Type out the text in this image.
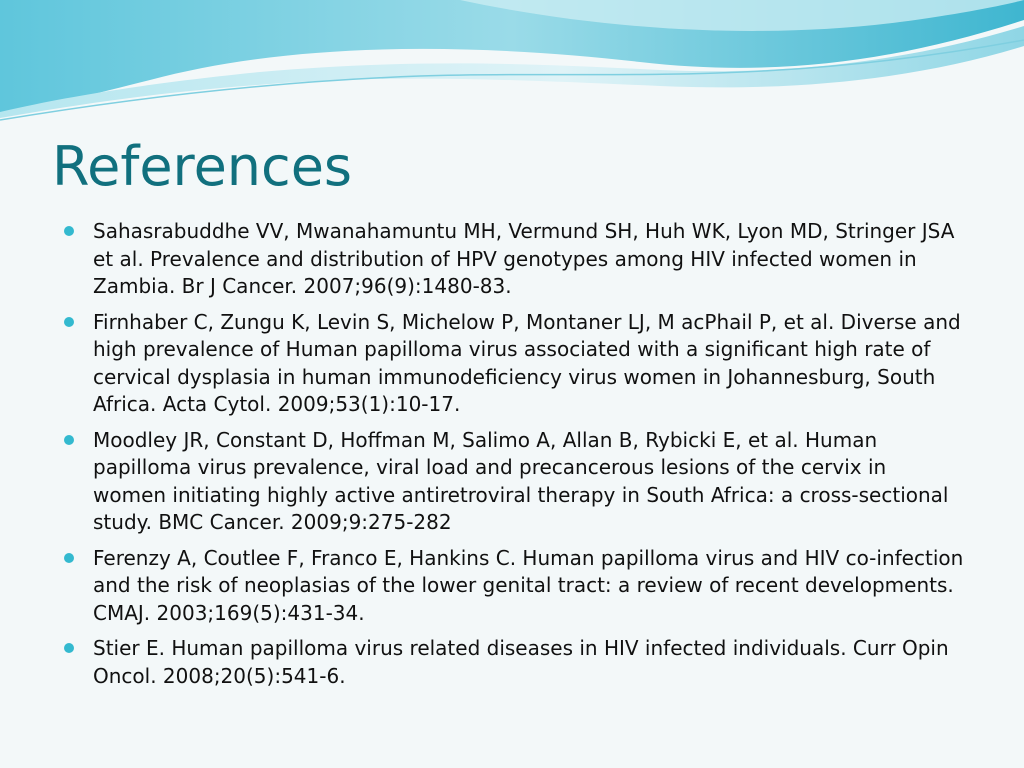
References
Sahasrabuddhe VV, Mwanahamuntu MH, Vermund SH, Huh WK, Lyon MD, Stringer JSA et al. Prevalence and distribution of HPV genotypes among HIV infected women in Zambia. Br J Cancer. 2007;96(9):1480-83.
Firnhaber C, Zungu K, Levin S, Michelow P, Montaner LJ, M acPhail P, et al. Diverse and high prevalence of Human papilloma virus associated with a significant high rate of cervical dysplasia in human immunodeficiency virus women in Johannesburg, South Africa. Acta Cytol. 2009;53(1):10-17.
Moodley JR, Constant D, Hoffman M, Salimo A, Allan B, Rybicki E, et al. Human papilloma virus prevalence, viral load and precancerous lesions of the cervix in women initiating highly active antiretroviral therapy in South Africa: a cross-sectional study. BMC Cancer. 2009;9:275-282
Ferenzy A, Coutlee F, Franco E, Hankins C. Human papilloma virus and HIV co-infection and the risk of neoplasias of the lower genital tract: a review of recent developments. CMAJ. 2003;169(5):431-34.
Stier E. Human papilloma virus related diseases in HIV infected individuals. Curr Opin Oncol. 2008;20(5):541-6.
